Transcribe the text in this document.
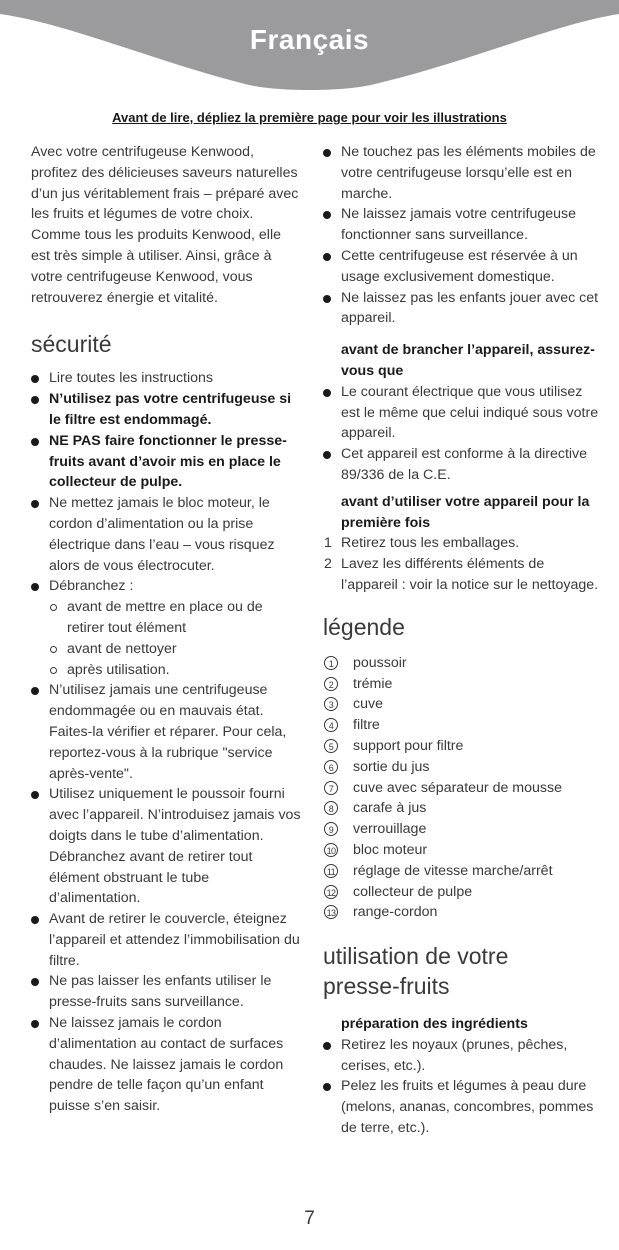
Français
Avant de lire, dépliez la première page pour voir les illustrations

Avec votre centrifugeuse Kenwood, profitez des délicieuses saveurs naturelles d’un jus véritablement frais – préparé avec les fruits et légumes de votre choix. Comme tous les produits Kenwood, elle est très simple à utiliser. Ainsi, grâce à votre centrifugeuse Kenwood, vous retrouverez énergie et vitalité.

sécurité
Lire toutes les instructions
N’utilisez pas votre centrifugeuse si le filtre est endommagé.
NE PAS faire fonctionner le presse-fruits avant d’avoir mis en place le collecteur de pulpe.
Ne mettez jamais le bloc moteur, le cordon d’alimentation ou la prise électrique dans l’eau – vous risquez alors de vous électrocuter.
Débranchez :
avant de mettre en place ou de retirer tout élément
avant de nettoyer
après utilisation.
N’utilisez jamais une centrifugeuse endommagée ou en mauvais état. Faites-la vérifier et réparer. Pour cela, reportez-vous à la rubrique "service après-vente".
Utilisez uniquement le poussoir fourni avec l’appareil. N’introduisez jamais vos doigts dans le tube d’alimentation. Débranchez avant de retirer tout élément obstruant le tube d’alimentation.
Avant de retirer le couvercle, éteignez l’appareil et attendez l’immobilisation du filtre.
Ne pas laisser les enfants utiliser le presse-fruits sans surveillance.
Ne laissez jamais le cordon d’alimentation au contact de surfaces chaudes. Ne laissez jamais le cordon pendre de telle façon qu’un enfant puisse s’en saisir.
Ne touchez pas les éléments mobiles de votre centrifugeuse lorsqu’elle est en marche.
Ne laissez jamais votre centrifugeuse fonctionner sans surveillance.
Cette centrifugeuse est réservée à un usage exclusivement domestique.
Ne laissez pas les enfants jouer avec cet appareil.

avant de brancher l’appareil, assurez-vous que

Le courant électrique que vous utilisez est le même que celui indiqué sous votre appareil.
Cet appareil est conforme à la directive 89/336 de la C.E.

avant d’utiliser votre appareil pour la première fois

1 Retirez tous les emballages.
2 Lavez les différents éléments de l’appareil : voir la notice sur le nettoyage.
légende
1	poussoir
2	trémie
3	cuve
4	filtre
5	support pour filtre
6	sortie du jus
7	cuve avec séparateur de mousse
8	carafe à jus
9	verrouillage
10 bloc moteur
11 réglage de vitesse marche/arrêt
12 collecteur de pulpe
13 range-cordon
utilisation de votre presse-fruits

préparation des ingrédients

Retirez les noyaux (prunes, pêches, cerises, etc.).
Pelez les fruits et légumes à peau dure (melons, ananas, concombres, pommes de terre, etc.).
7
